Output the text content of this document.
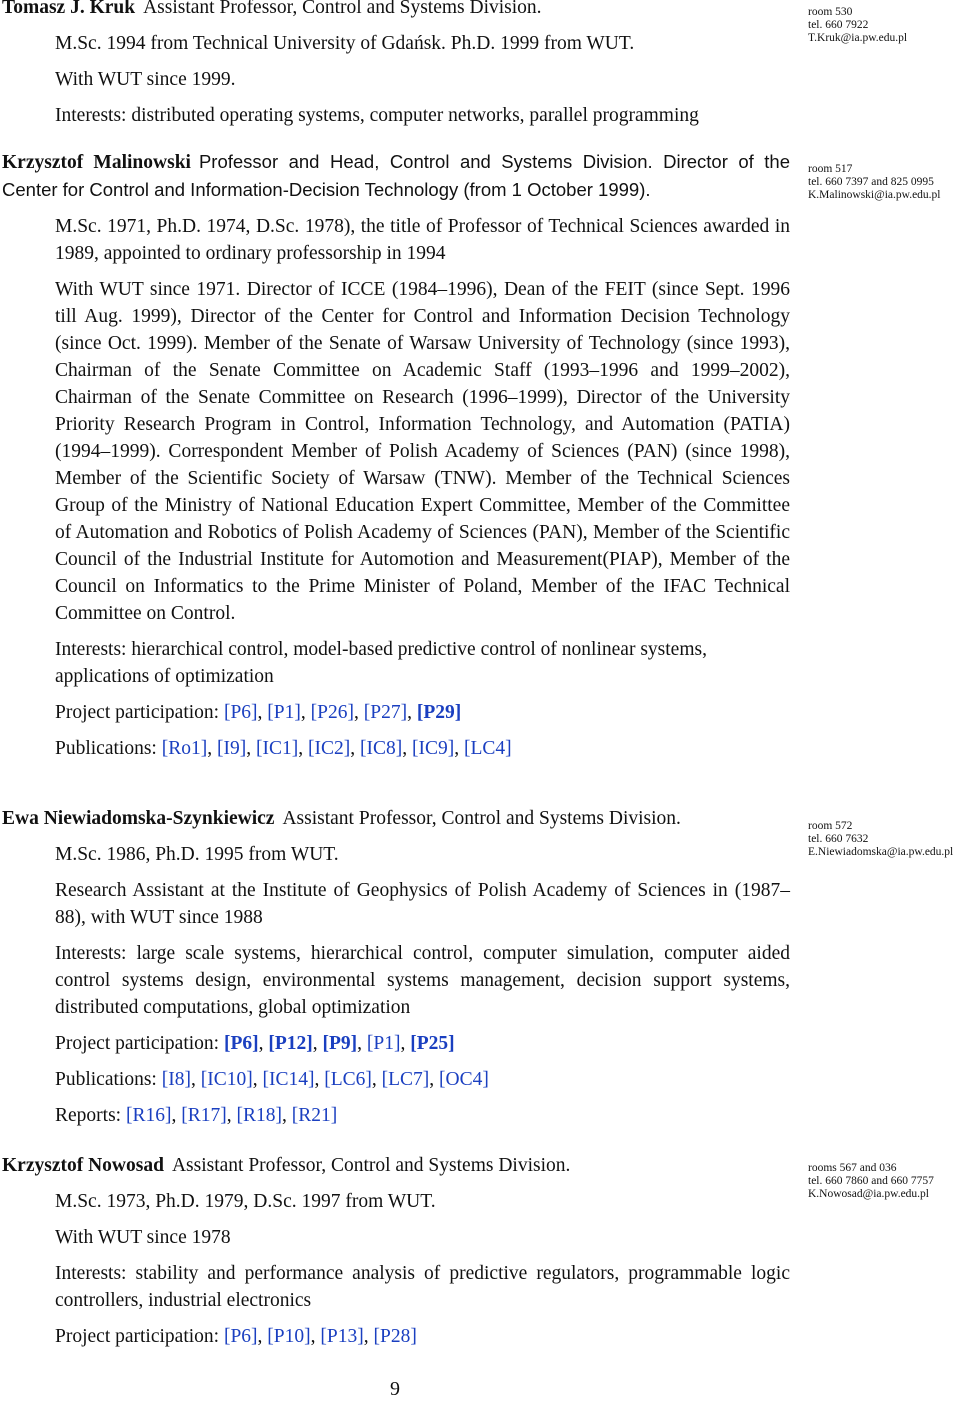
Tomasz J. Kruk Assistant Professor, Control and Systems Division.

M.Sc. 1994 from Technical University of Gdańsk. Ph.D. 1999 from WUT.

With WUT since 1999.

Interests: distributed operating systems, computer networks, parallel programming

room 530
tel. 660 7922
T.Kruk@ia.pw.edu.pl

Krzysztof Malinowski Professor and Head, Control and Systems Division. Director of the Center for Control and Information-Decision Technology (from 1 October 1999).

M.Sc. 1971, Ph.D. 1974, D.Sc. 1978), the title of Professor of Technical Sciences awarded in 1989, appointed to ordinary professorship in 1994

With WUT since 1971. Director of ICCE (1984–1996), Dean of the FEIT (since Sept. 1996 till Aug. 1999), Director of the Center for Control and Information Decision Technology (since Oct. 1999). Member of the Senate of Warsaw University of Technology (since 1993), Chairman of the Senate Committee on Academic Staff (1993–1996 and 1999–2002), Chairman of the Senate Committee on Research (1996–1999), Director of the University Priority Research Program in Control, Information Technology, and Automation (PATIA) (1994–1999). Correspondent Member of Polish Academy of Sciences (PAN) (since 1998), Member of the Scientific Society of Warsaw (TNW). Member of the Technical Sciences Group of the Ministry of National Education Expert Committee, Member of the Committee of Automation and Robotics of Polish Academy of Sciences (PAN), Member of the Scientific Council of the Industrial Institute for Automotion and Measurement(PIAP), Member of the Council on Informatics to the Prime Minister of Poland, Member of the IFAC Technical Committee on Control.

Interests: hierarchical control, model-based predictive control of nonlinear systems, applications of optimization

Project participation: [P6], [P1], [P26], [P27], [P29]

Publications: [Ro1], [I9], [IC1], [IC2], [IC8], [IC9], [LC4]

room 517
tel. 660 7397 and 825 0995
K.Malinowski@ia.pw.edu.pl

Ewa Niewiadomska-Szynkiewicz Assistant Professor, Control and Systems Division.

M.Sc. 1986, Ph.D. 1995 from WUT.

Research Assistant at the Institute of Geophysics of Polish Academy of Sciences in (1987–88), with WUT since 1988

Interests: large scale systems, hierarchical control, computer simulation, computer aided control systems design, environmental systems management, decision support systems, distributed computations, global optimization

Project participation: [P6], [P12], [P9], [P1], [P25]

Publications: [I8], [IC10], [IC14], [LC6], [LC7], [OC4]

Reports: [R16], [R17], [R18], [R21]

room 572
tel. 660 7632
E.Niewiadomska@ia.pw.edu.pl

Krzysztof Nowosad Assistant Professor, Control and Systems Division.

M.Sc. 1973, Ph.D. 1979, D.Sc. 1997 from WUT.

With WUT since 1978

Interests: stability and performance analysis of predictive regulators, programmable logic controllers, industrial electronics

Project participation: [P6], [P10], [P13], [P28]

rooms 567 and 036
tel. 660 7860 and 660 7757
K.Nowosad@ia.pw.edu.pl
9
